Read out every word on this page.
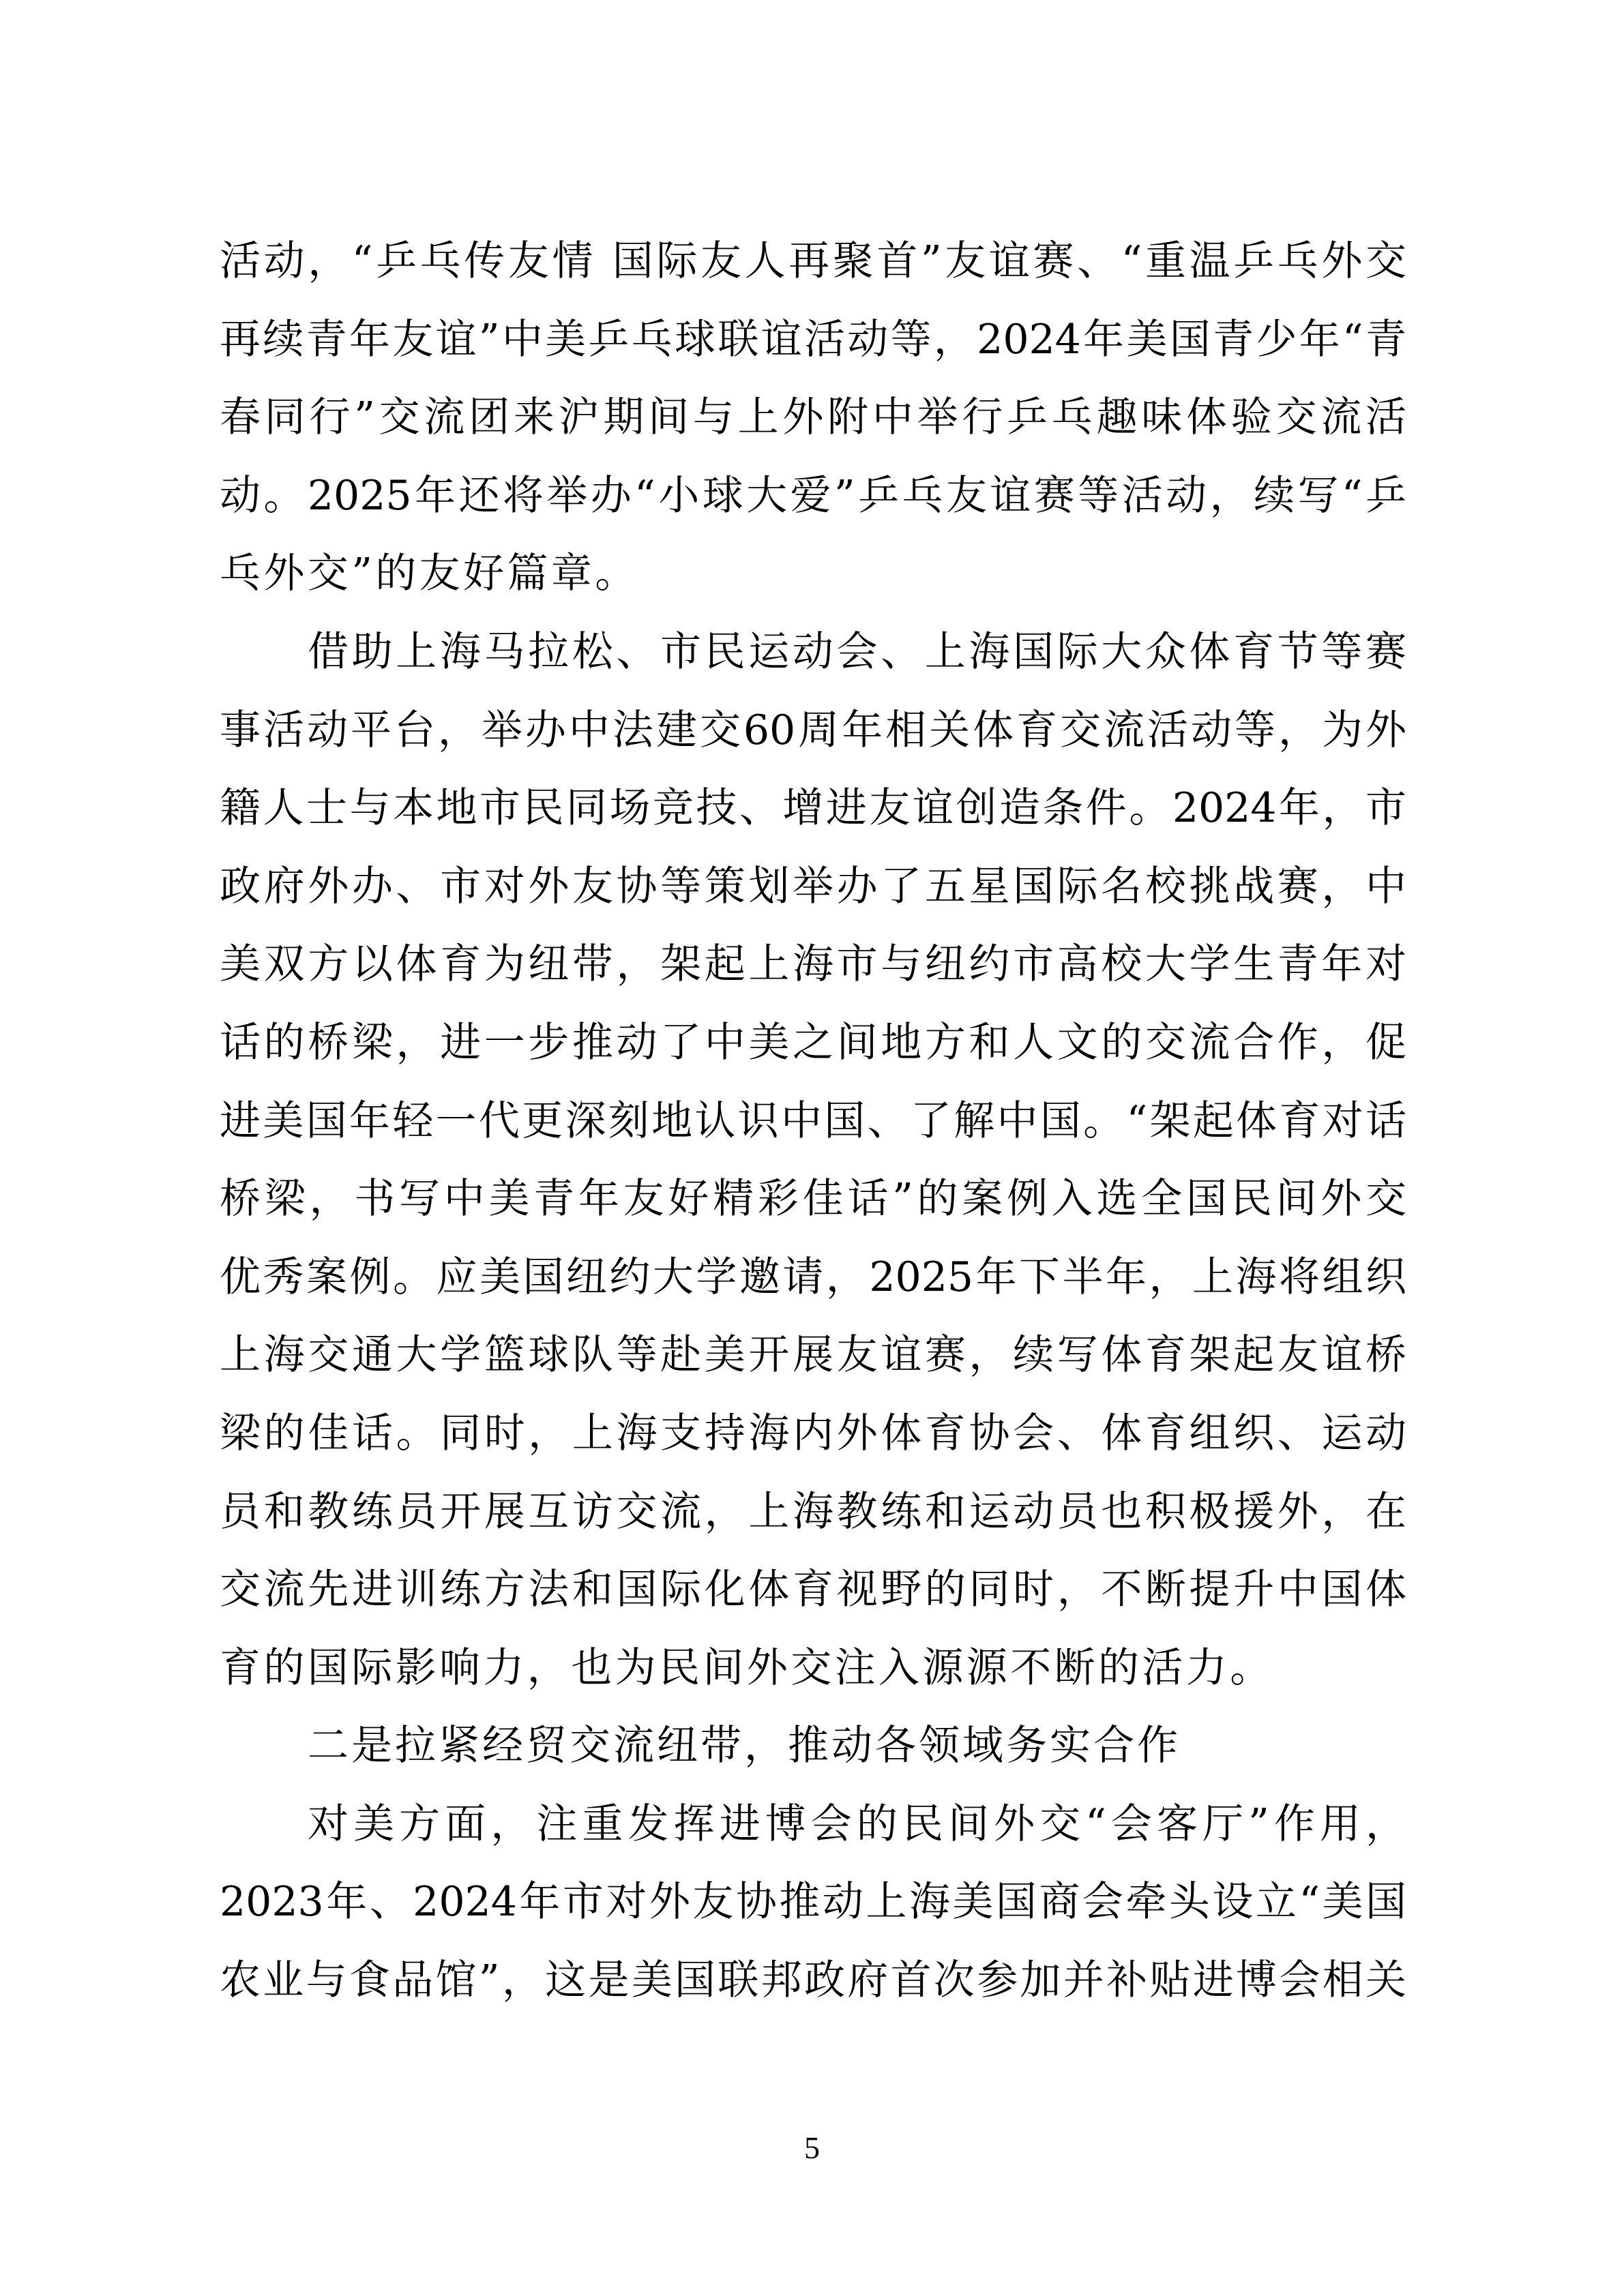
活动，“乒乓传友情 国际友人再聚首”友谊赛、“重温乒乓外交
再续青年友谊”中美乒乓球联谊活动等，2024年美国青少年“青
春同行”交流团来沪期间与上外附中举行乒乓趣味体验交流活
动。2025年还将举办“小球大爱”乒乓友谊赛等活动，续写“乒
乓外交”的友好篇章。
借助上海马拉松、市民运动会、上海国际大众体育节等赛
事活动平台，举办中法建交60周年相关体育交流活动等，为外
籍人士与本地市民同场竞技、增进友谊创造条件。2024年，市
政府外办、市对外友协等策划举办了五星国际名校挑战赛，中
美双方以体育为纽带，架起上海市与纽约市高校大学生青年对
话的桥梁，进一步推动了中美之间地方和人文的交流合作，促
进美国年轻一代更深刻地认识中国、了解中国。“架起体育对话
桥梁，书写中美青年友好精彩佳话”的案例入选全国民间外交
优秀案例。应美国纽约大学邀请，2025年下半年，上海将组织
上海交通大学篮球队等赴美开展友谊赛，续写体育架起友谊桥
梁的佳话。同时，上海支持海内外体育协会、体育组织、运动
员和教练员开展互访交流，上海教练和运动员也积极援外，在
交流先进训练方法和国际化体育视野的同时，不断提升中国体
育的国际影响力，也为民间外交注入源源不断的活力。
二是拉紧经贸交流纽带，推动各领域务实合作
对美方面，注重发挥进博会的民间外交“会客厅”作用，
2023年、2024年市对外友协推动上海美国商会牵头设立“美国
农业与食品馆”，这是美国联邦政府首次参加并补贴进博会相关
5
